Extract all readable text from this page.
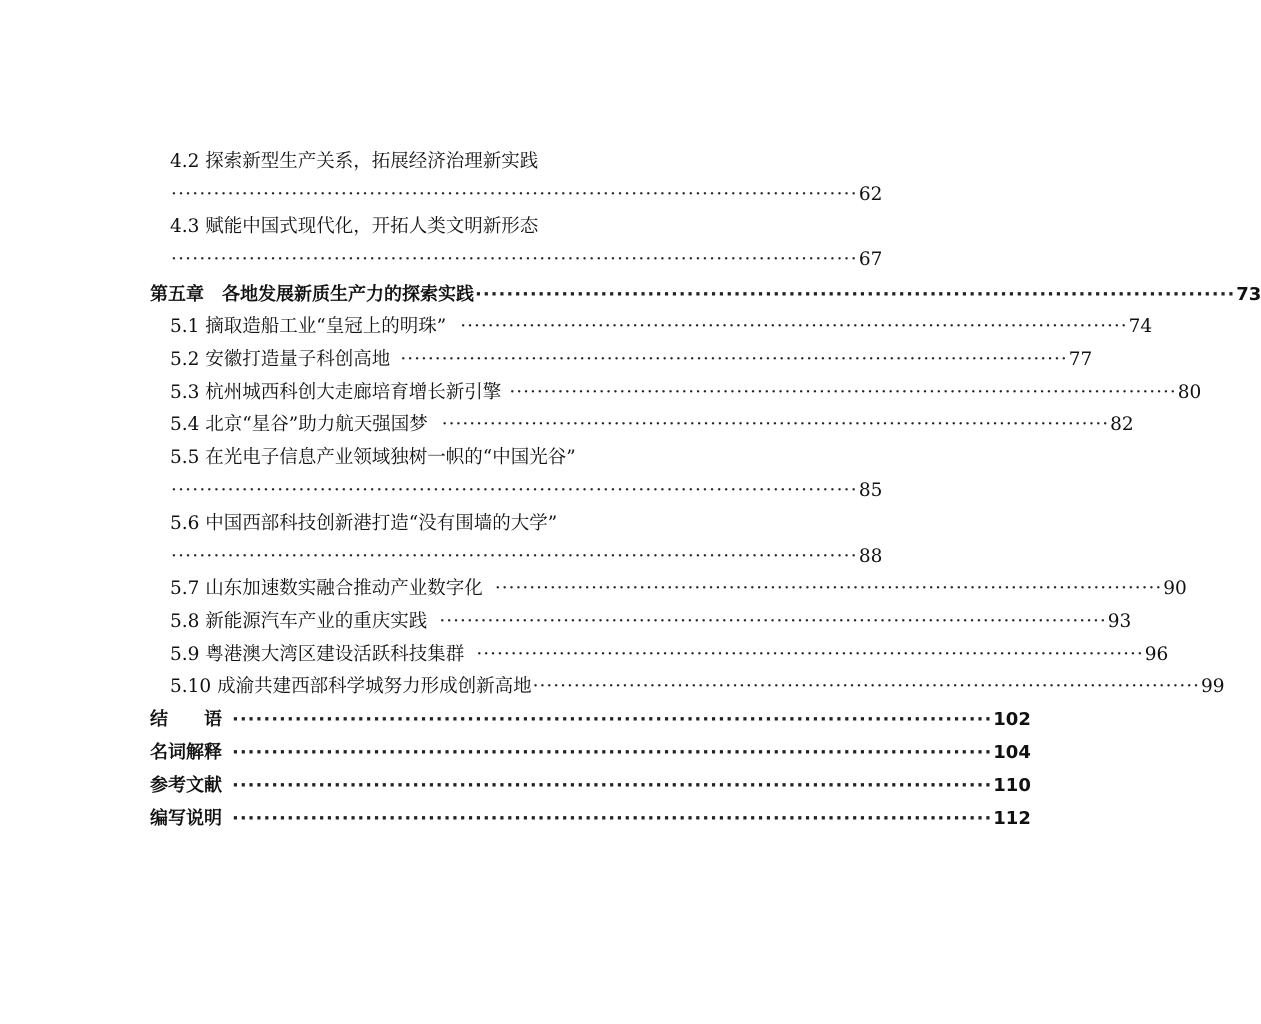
4.2 探索新型生产关系，拓展经济治理新实践
································································································· 62
4.3 赋能中国式现代化，开拓人类文明新形态
································································································· 67
第五章　各地发展新质生产力的探索实践 ································································································· 73
5.1 摘取造船工业“皇冠上的明珠” ································································································· 74
5.2 安徽打造量子科创高地 ································································································· 77
5.3 杭州城西科创大走廊培育增长新引擎 ································································································· 80
5.4 北京“星谷”助力航天强国梦 ································································································· 82
5.5 在光电子信息产业领域独树一帜的“中国光谷”
································································································· 85
5.6 中国西部科技创新港打造“没有围墙的大学”
································································································· 88
5.7 山东加速数实融合推动产业数字化 ································································································· 90
5.8 新能源汽车产业的重庆实践 ································································································· 93
5.9 粤港澳大湾区建设活跃科技集群 ································································································· 96
5.10 成渝共建西部科学城努力形成创新高地 ································································································· 99
结　　语 ································································································· 102
名词解释 ································································································· 104
参考文献 ································································································· 110
编写说明 ································································································· 112
